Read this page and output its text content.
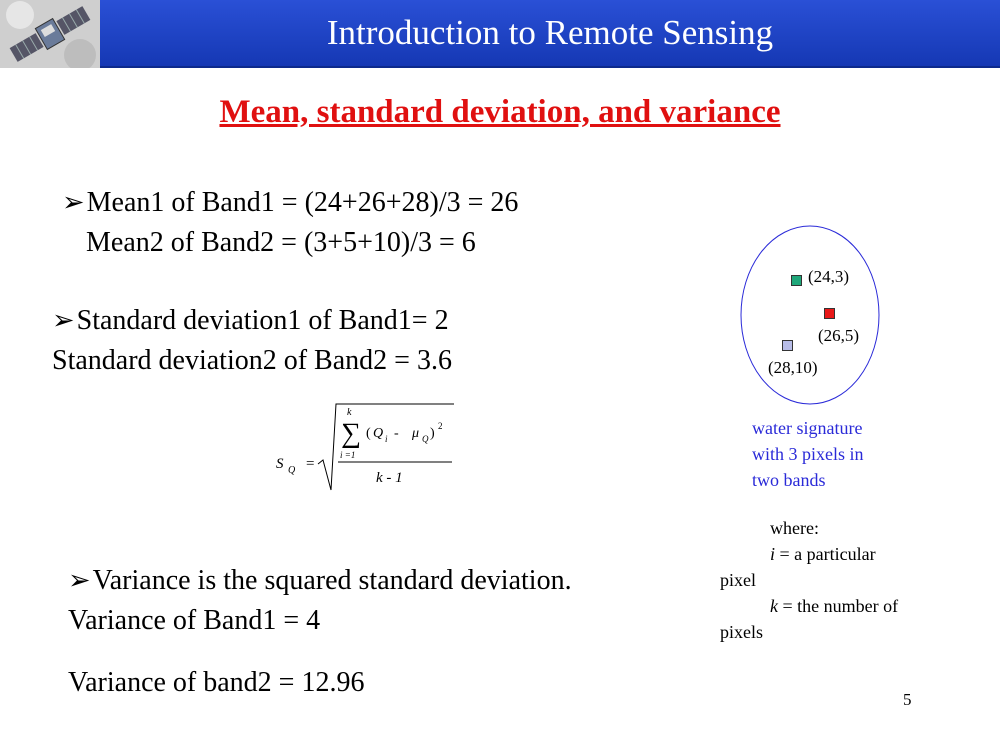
Introduction to Remote Sensing
Mean, standard deviation, and variance
➢Mean1 of Band1 = (24+26+28)/3 = 26
Mean2 of Band2 = (3+5+10)/3 = 6
➢Standard deviation1 of Band1= 2
Standard deviation2 of Band2 = 3.6
S Q =
k
∑
i =1
( Q i - μ Q ) 2
k - 1
➢Variance is the squared standard deviation.
Variance of Band1 = 4
Variance of band2 = 12.96
(24,3)
(26,5)
(28,10)
water signature
with 3 pixels in
two bands
where:
i = a particular
pixel
k = the number of
pixels
5
